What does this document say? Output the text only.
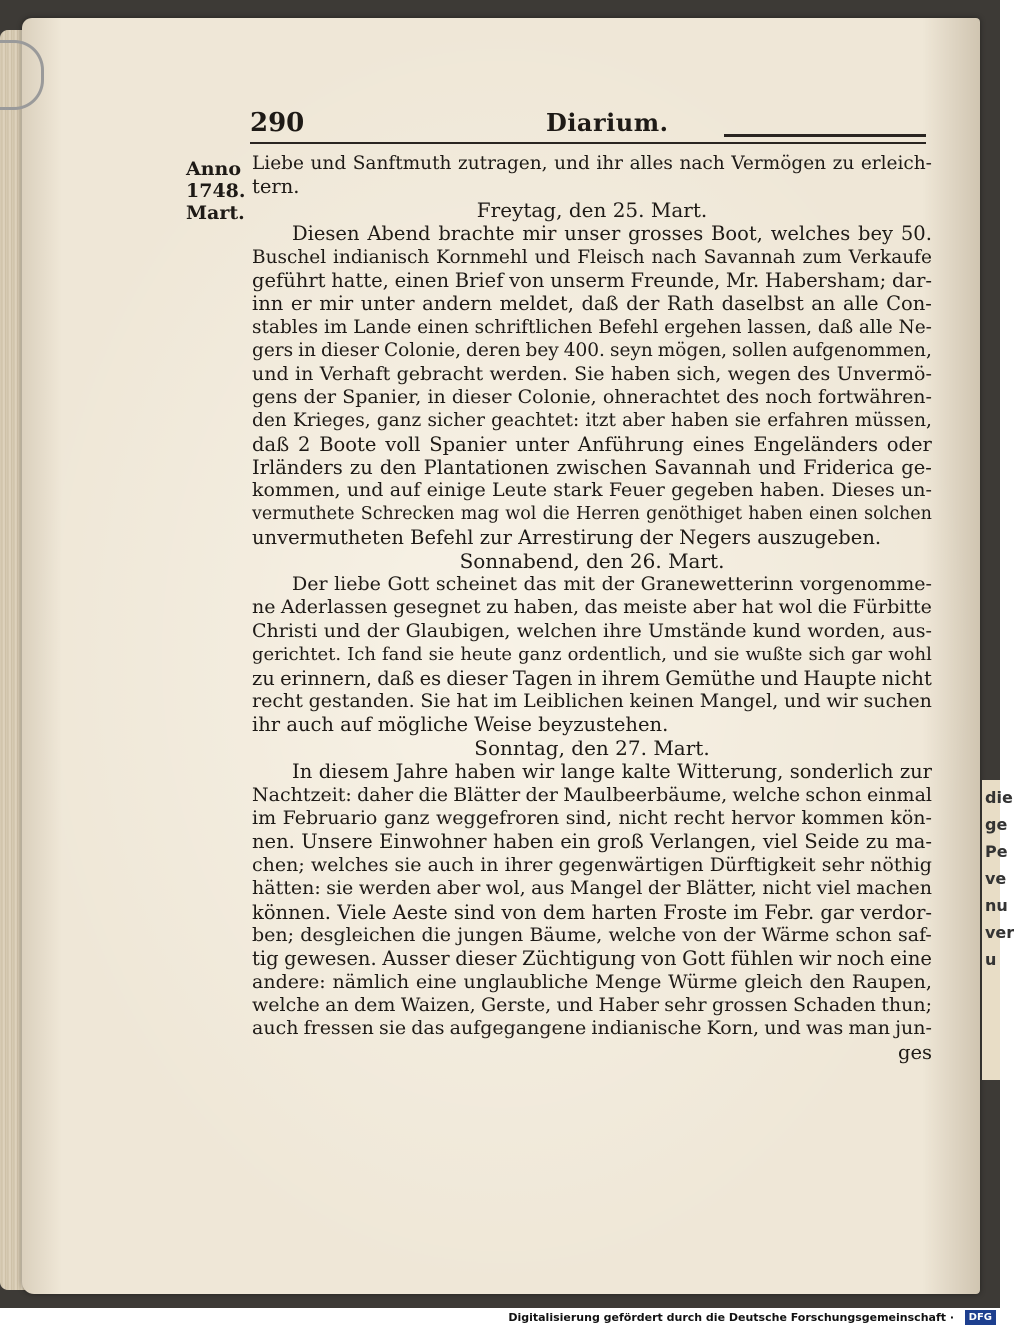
die
ge
Pe
ve
nu
ver
u
290	Diarium.
Anno
1748.
Mart.
Liebe und Sanftmuth zutragen, und ihr alles nach Vermögen zu erleich-
tern.
Freytag, den 25. Mart.
Diesen Abend brachte mir unser grosses Boot, welches bey 50.
Buschel indianisch Kornmehl und Fleisch nach Savannah zum Verkaufe
geführt hatte, einen Brief von unserm Freunde, Mr. Habersham; dar-
inn er mir unter andern meldet, daß der Rath daselbst an alle Con-
stables im Lande einen schriftlichen Befehl ergehen lassen, daß alle Ne-
gers in dieser Colonie, deren bey 400. seyn mögen, sollen aufgenommen,
und in Verhaft gebracht werden. Sie haben sich, wegen des Unvermö-
gens der Spanier, in dieser Colonie, ohnerachtet des noch fortwähren-
den Krieges, ganz sicher geachtet: itzt aber haben sie erfahren müssen,
daß 2 Boote voll Spanier unter Anführung eines Engeländers oder
Irländers zu den Plantationen zwischen Savannah und Friderica ge-
kommen, und auf einige Leute stark Feuer gegeben haben. Dieses un-
vermuthete Schrecken mag wol die Herren genöthiget haben einen solchen
unvermutheten Befehl zur Arrestirung der Negers auszugeben.
Sonnabend, den 26. Mart.
Der liebe Gott scheinet das mit der Granewetterinn vorgenomme-
ne Aderlassen gesegnet zu haben, das meiste aber hat wol die Fürbitte
Christi und der Glaubigen, welchen ihre Umstände kund worden, aus-
gerichtet. Ich fand sie heute ganz ordentlich, und sie wußte sich gar wohl
zu erinnern, daß es dieser Tagen in ihrem Gemüthe und Haupte nicht
recht gestanden. Sie hat im Leiblichen keinen Mangel, und wir suchen
ihr auch auf mögliche Weise beyzustehen.
Sonntag, den 27. Mart.
In diesem Jahre haben wir lange kalte Witterung, sonderlich zur
Nachtzeit: daher die Blätter der Maulbeerbäume, welche schon einmal
im Februario ganz weggefroren sind, nicht recht hervor kommen kön-
nen. Unsere Einwohner haben ein groß Verlangen, viel Seide zu ma-
chen; welches sie auch in ihrer gegenwärtigen Dürftigkeit sehr nöthig
hätten: sie werden aber wol, aus Mangel der Blätter, nicht viel machen
können. Viele Aeste sind von dem harten Froste im Febr. gar verdor-
ben; desgleichen die jungen Bäume, welche von der Wärme schon saf-
tig gewesen. Ausser dieser Züchtigung von Gott fühlen wir noch eine
andere: nämlich eine unglaubliche Menge Würme gleich den Raupen,
welche an dem Waizen, Gerste, und Haber sehr grossen Schaden thun;
auch fressen sie das aufgegangene indianische Korn, und was man jun-
ges
Digitalisierung gefördert durch die Deutsche Forschungsgemeinschaft ·	DFG
